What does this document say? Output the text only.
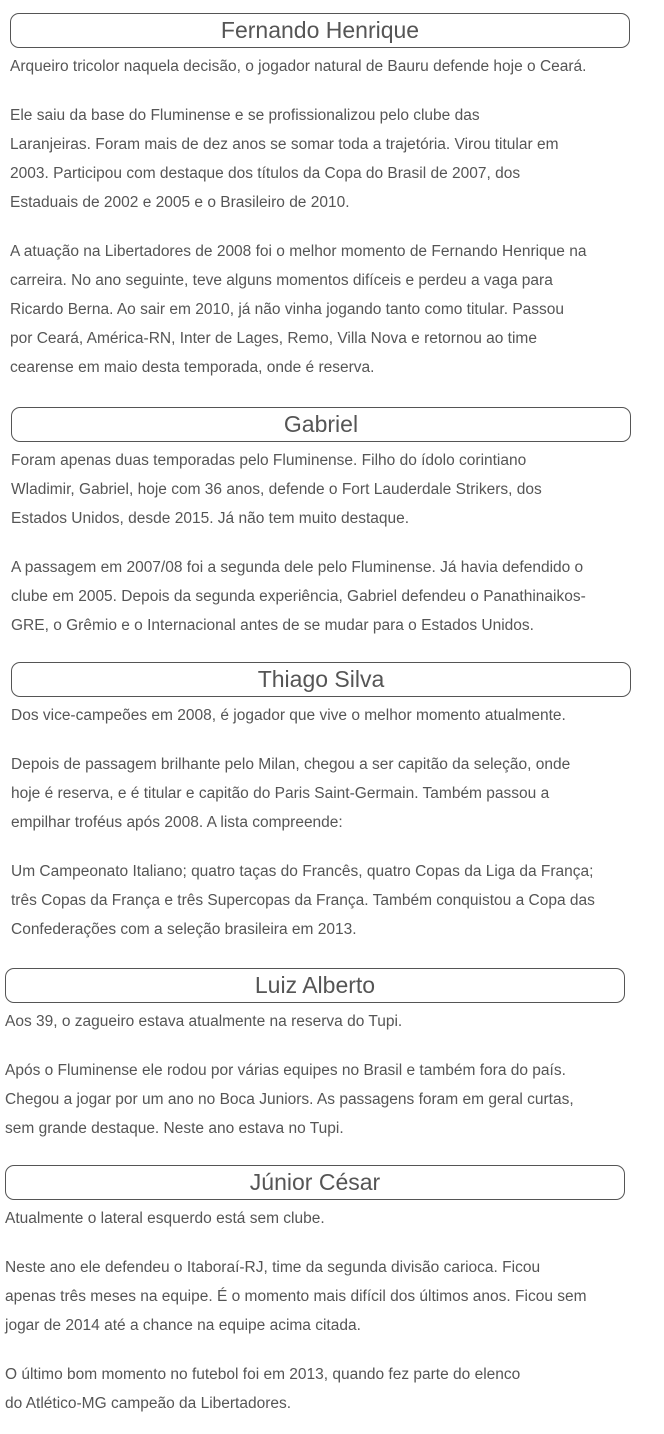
Fernando Henrique

Arqueiro tricolor naquela decisão, o jogador natural de Bauru defende hoje o Ceará.

Ele saiu da base do Fluminense e se profissionalizou pelo clube das
Laranjeiras. Foram mais de dez anos se somar toda a trajetória. Virou titular em
2003. Participou com destaque dos títulos da Copa do Brasil de 2007, dos
Estaduais de 2002 e 2005 e o Brasileiro de 2010.

A atuação na Libertadores de 2008 foi o melhor momento de Fernando Henrique na
carreira. No ano seguinte, teve alguns momentos difíceis e perdeu a vaga para
Ricardo Berna. Ao sair em 2010, já não vinha jogando tanto como titular. Passou
por Ceará, América-RN, Inter de Lages, Remo, Villa Nova e retornou ao time
cearense em maio desta temporada, onde é reserva.

Gabriel

Foram apenas duas temporadas pelo Fluminense. Filho do ídolo corintiano
Wladimir, Gabriel, hoje com 36 anos, defende o Fort Lauderdale Strikers, dos
Estados Unidos, desde 2015. Já não tem muito destaque.

A passagem em 2007/08 foi a segunda dele pelo Fluminense. Já havia defendido o
clube em 2005. Depois da segunda experiência, Gabriel defendeu o Panathinaikos-
GRE, o Grêmio e o Internacional antes de se mudar para o Estados Unidos.

Thiago Silva

Dos vice-campeões em 2008, é jogador que vive o melhor momento atualmente.

Depois de passagem brilhante pelo Milan, chegou a ser capitão da seleção, onde
hoje é reserva, e é titular e capitão do Paris Saint-Germain. Também passou a
empilhar troféus após 2008. A lista compreende:

Um Campeonato Italiano; quatro taças do Francês, quatro Copas da Liga da França;
três Copas da França e três Supercopas da França. Também conquistou a Copa das
Confederações com a seleção brasileira em 2013.

Luiz Alberto

Aos 39, o zagueiro estava atualmente na reserva do Tupi.

Após o Fluminense ele rodou por várias equipes no Brasil e também fora do país.
Chegou a jogar por um ano no Boca Juniors. As passagens foram em geral curtas,
sem grande destaque. Neste ano estava no Tupi.

Júnior César

Atualmente o lateral esquerdo está sem clube.

Neste ano ele defendeu o Itaboraí-RJ, time da segunda divisão carioca. Ficou
apenas três meses na equipe. É o momento mais difícil dos últimos anos. Ficou sem
jogar de 2014 até a chance na equipe acima citada.

O último bom momento no futebol foi em 2013, quando fez parte do elenco
do Atlético-MG campeão da Libertadores.
